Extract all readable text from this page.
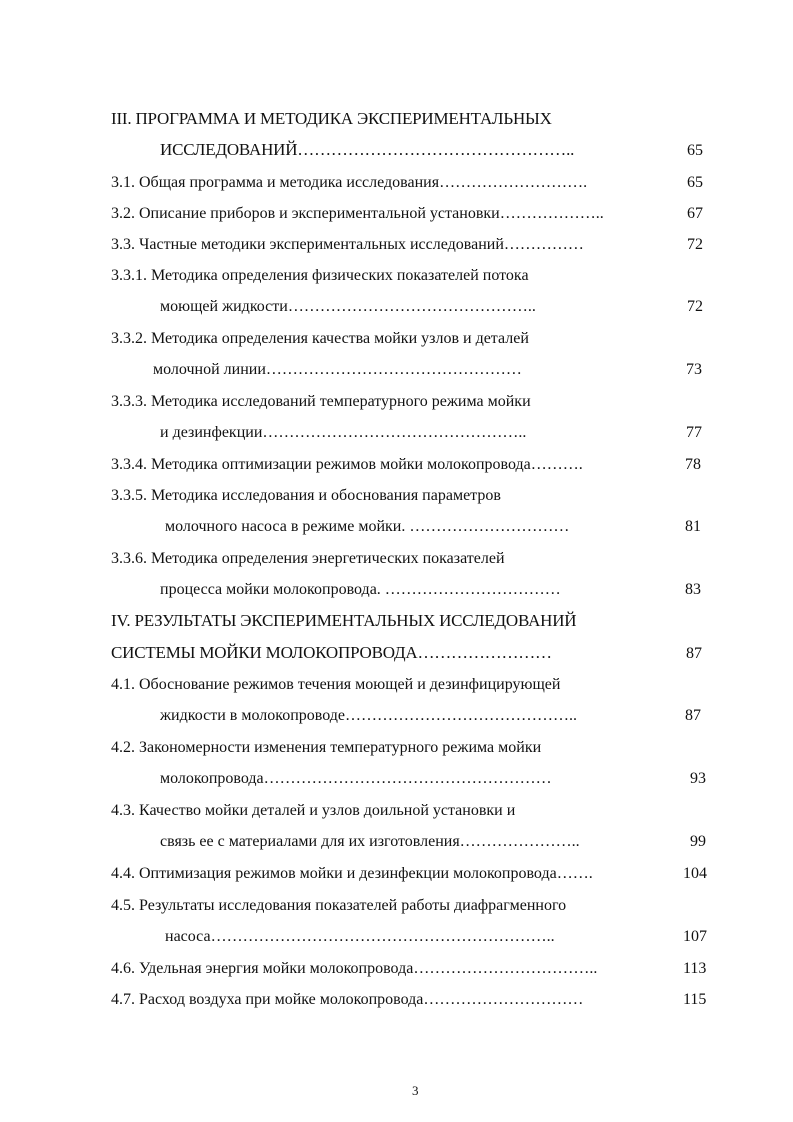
III. ПРОГРАММА И МЕТОДИКА ЭКСПЕРИМЕНТАЛЬНЫХ
ИССЛЕДОВАНИЙ…………………………………………..	65
3.1. Общая программа и методика исследования……………………….	65
3.2. Описание приборов и экспериментальной установки………………..	67
3.3. Частные методики экспериментальных исследований……………	72
3.3.1. Методика определения физических показателей потока
моющей жидкости………………………………………..	72
3.3.2. Методика определения качества мойки узлов и деталей
молочной линии…………………………………………	73
3.3.3. Методика исследований температурного режима мойки
и дезинфекции…………………………………………..	77
3.3.4. Методика оптимизации режимов мойки молокопровода……….	78
3.3.5. Методика исследования и обоснования параметров
молочного насоса в режиме мойки. …………………………	81
3.3.6. Методика определения энергетических показателей
процесса мойки молокопровода. ……………………………	83
IV. РЕЗУЛЬТАТЫ ЭКСПЕРИМЕНТАЛЬНЫХ ИССЛЕДОВАНИЙ
СИСТЕМЫ МОЙКИ МОЛОКОПРОВОДА……………………	87
4.1. Обоснование режимов течения моющей и дезинфицирующей
жидкости в молокопроводе……………………………………..	87
4.2. Закономерности изменения температурного режима мойки
молокопровода………………………………………………	93
4.3. Качество мойки деталей и узлов доильной установки и
связь ее с материалами для их изготовления…………………..	99
4.4. Оптимизация режимов мойки и дезинфекции молокопровода…….	104
4.5. Результаты исследования показателей работы диафрагменного
насоса………………………………………………………..	107
4.6. Удельная энергия мойки молокопровода……………………………..	113
4.7. Расход воздуха при мойке молокопровода…………………………	115
3
